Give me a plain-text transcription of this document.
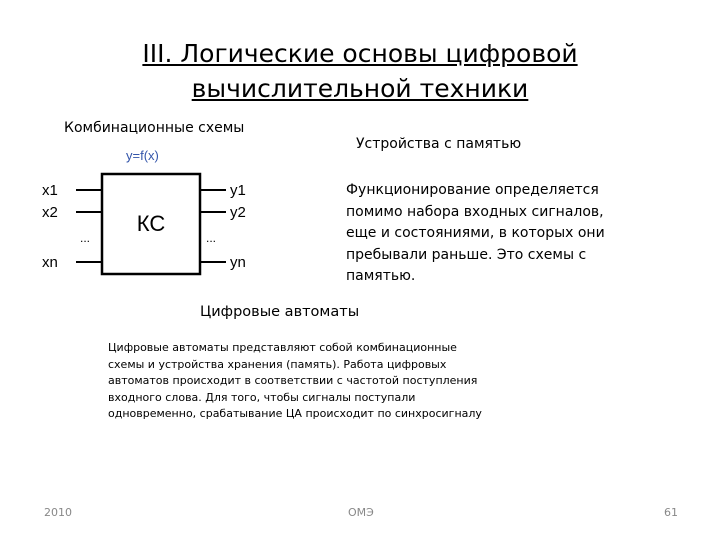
III. Логические основы цифровой вычислительной техники
Комбинационные схемы
y=f(x)
КС
x1
x2
...
xn
y1
y2
...
yn
Устройства с памятью
Функционирование определяется помимо набора входных сигналов, еще и состояниями, в которых они пребывали раньше. Это схемы с памятью.
Цифровые автоматы
Цифровые автоматы представляют собой комбинационные схемы и устройства хранения (память). Работа цифровых автоматов происходит в соответствии с частотой поступления входного слова. Для того, чтобы сигналы поступали одновременно, срабатывание ЦА происходит по синхросигналу
2010	ОМЭ	61
